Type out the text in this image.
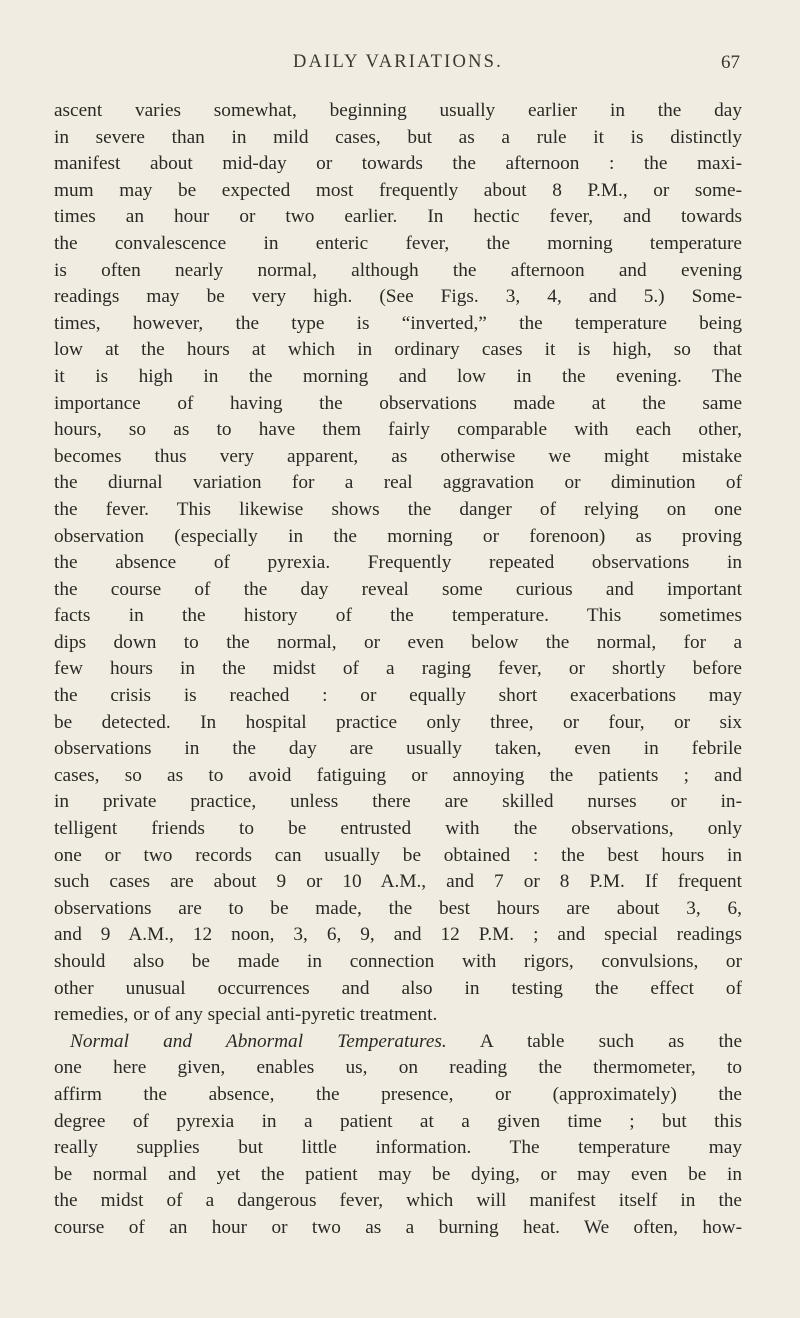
DAILY VARIATIONS.	67
ascent varies somewhat, beginning usually earlier in the day
in severe than in mild cases, but as a rule it is distinctly
manifest about mid-day or towards the afternoon : the maxi-
mum may be expected most frequently about 8 P.M., or some-
times an hour or two earlier. In hectic fever, and towards
the convalescence in enteric fever, the morning temperature
is often nearly normal, although the afternoon and evening
readings may be very high. (See Figs. 3, 4, and 5.) Some-
times, however, the type is “inverted,” the temperature being
low at the hours at which in ordinary cases it is high, so that
it is high in the morning and low in the evening. The
importance of having the observations made at the same
hours, so as to have them fairly comparable with each other,
becomes thus very apparent, as otherwise we might mistake
the diurnal variation for a real aggravation or diminution of
the fever. This likewise shows the danger of relying on one
observation (especially in the morning or forenoon) as proving
the absence of pyrexia. Frequently repeated observations in
the course of the day reveal some curious and important
facts in the history of the temperature. This sometimes
dips down to the normal, or even below the normal, for a
few hours in the midst of a raging fever, or shortly before
the crisis is reached : or equally short exacerbations may
be detected. In hospital practice only three, or four, or six
observations in the day are usually taken, even in febrile
cases, so as to avoid fatiguing or annoying the patients ; and
in private practice, unless there are skilled nurses or in-
telligent friends to be entrusted with the observations, only
one or two records can usually be obtained : the best hours in
such cases are about 9 or 10 A.M., and 7 or 8 P.M. If frequent
observations are to be made, the best hours are about 3, 6,
and 9 A.M., 12 noon, 3, 6, 9, and 12 P.M. ; and special readings
should also be made in connection with rigors, convulsions, or
other unusual occurrences and also in testing the effect of
remedies, or of any special anti-pyretic treatment.
Normal and Abnormal Temperatures. A table such as the
one here given, enables us, on reading the thermometer, to
affirm the absence, the presence, or (approximately) the
degree of pyrexia in a patient at a given time ; but this
really supplies but little information. The temperature may
be normal and yet the patient may be dying, or may even be in
the midst of a dangerous fever, which will manifest itself in the
course of an hour or two as a burning heat. We often, how-
